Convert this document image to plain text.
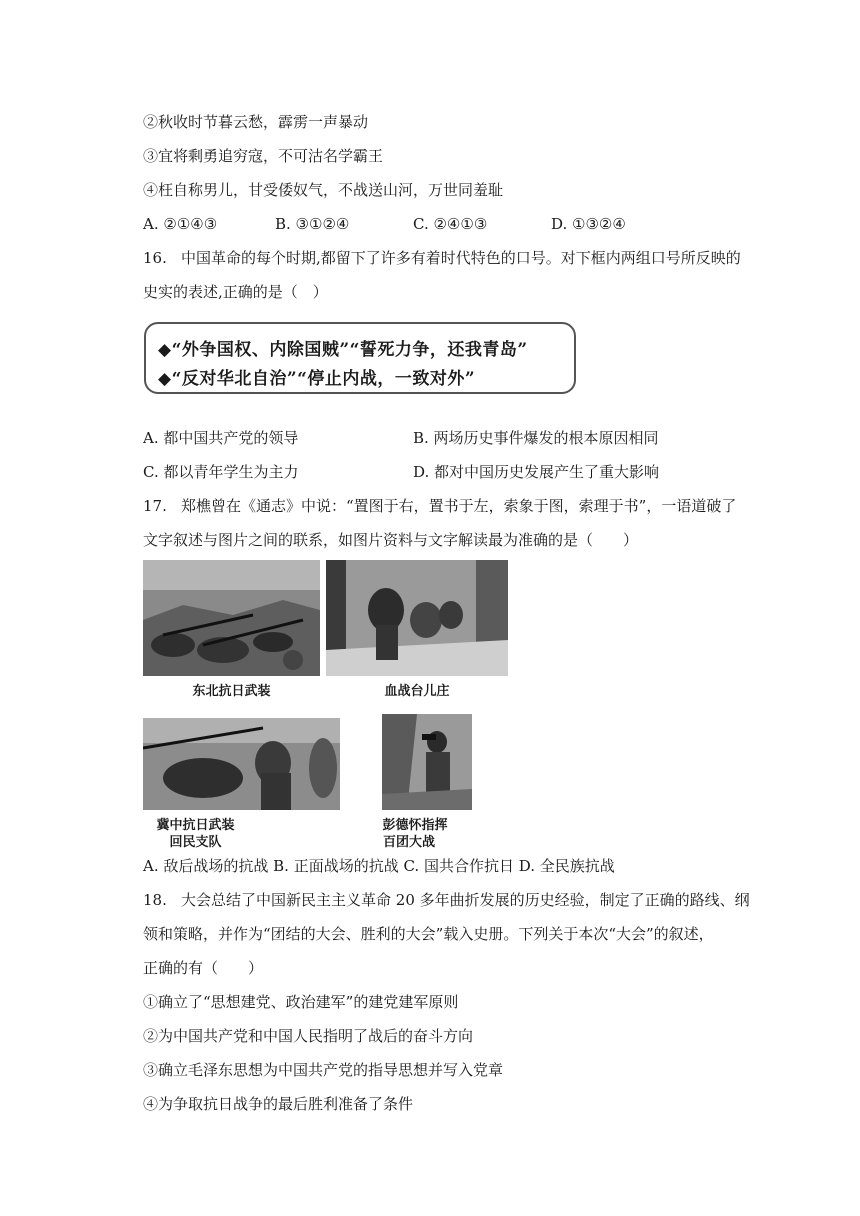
②秋收时节暮云愁，霹雳一声暴动
③宜将剩勇追穷寇，不可沽名学霸王
④枉自称男儿，甘受倭奴气，不战送山河，万世同羞耻
A. ②①④③	B. ③①②④	C. ②④①③	D. ①③②④
16. 中国革命的每个时期,都留下了许多有着时代特色的口号。对下框内两组口号所反映的
史实的表述,正确的是（　）
◆“外争国权、内除国贼”“誓死力争，还我青岛”
◆“反对华北自治”“停止内战，一致对外”
A. 都中国共产党的领导	B. 两场历史事件爆发的根本原因相同
C. 都以青年学生为主力	D. 都对中国历史发展产生了重大影响
17. 郑樵曾在《通志》中说：“置图于右，置书于左，索象于图，索理于书”，一语道破了
文字叙述与图片之间的联系，如图片资料与文字解读最为准确的是（　　）
东北抗日武装	血战台儿庄
冀中抗日武装
回民支队
彭德怀指挥
百团大战
A. 敌后战场的抗战 B. 正面战场的抗战 C. 国共合作抗日 D. 全民族抗战
18. 大会总结了中国新民主主义革命 20 多年曲折发展的历史经验，制定了正确的路线、纲
领和策略，并作为“团结的大会、胜利的大会”载入史册。下列关于本次“大会”的叙述，
正确的有（　　）
①确立了“思想建党、政治建军”的建党建军原则
②为中国共产党和中国人民指明了战后的奋斗方向
③确立毛泽东思想为中国共产党的指导思想并写入党章
④为争取抗日战争的最后胜利准备了条件
